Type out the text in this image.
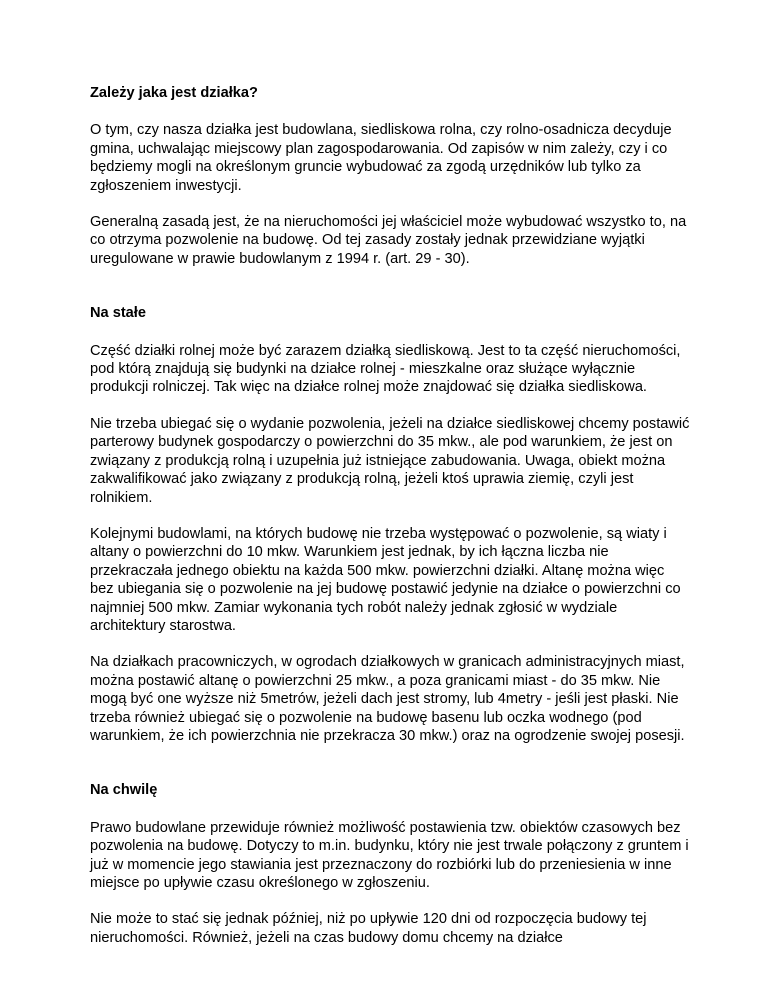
Zależy jaka jest działka?

O tym, czy nasza działka jest budowlana, siedliskowa rolna, czy rolno-osadnicza decyduje gmina, uchwalając miejscowy plan zagospodarowania. Od zapisów w nim zależy, czy i co będziemy mogli na określonym gruncie wybudować za zgodą urzędników lub tylko za zgłoszeniem inwestycji.

Generalną zasadą jest, że na nieruchomości jej właściciel może wybudować wszystko to, na co otrzyma pozwolenie na budowę. Od tej zasady zostały jednak przewidziane wyjątki uregulowane w prawie budowlanym z 1994 r. (art. 29 - 30).

Na stałe

Część działki rolnej może być zarazem działką siedliskową. Jest to ta część nieruchomości, pod którą znajdują się budynki na działce rolnej - mieszkalne oraz służące wyłącznie produkcji rolniczej. Tak więc na działce rolnej może znajdować się działka siedliskowa.

Nie trzeba ubiegać się o wydanie pozwolenia, jeżeli na działce siedliskowej chcemy postawić parterowy budynek gospodarczy o powierzchni do 35 mkw., ale pod warunkiem, że jest on związany z produkcją rolną i uzupełnia już istniejące zabudowania. Uwaga, obiekt można zakwalifikować jako związany z produkcją rolną, jeżeli ktoś uprawia ziemię, czyli jest rolnikiem.

Kolejnymi budowlami, na których budowę nie trzeba występować o pozwolenie, są wiaty i altany o powierzchni do 10 mkw. Warunkiem jest jednak, by ich łączna liczba nie przekraczała jednego obiektu na każda 500 mkw. powierzchni działki. Altanę można więc bez ubiegania się o pozwolenie na jej budowę postawić jedynie na działce o powierzchni co najmniej 500 mkw. Zamiar wykonania tych robót należy jednak zgłosić w wydziale architektury starostwa.

Na działkach pracowniczych, w ogrodach działkowych w granicach administracyjnych miast, można postawić altanę o powierzchni 25 mkw., a poza granicami miast - do 35 mkw. Nie mogą być one wyższe niż 5metrów, jeżeli dach jest stromy, lub 4metry - jeśli jest płaski. Nie trzeba również ubiegać się o pozwolenie na budowę basenu lub oczka wodnego (pod warunkiem, że ich powierzchnia nie przekracza 30 mkw.) oraz na ogrodzenie swojej posesji.

Na chwilę

Prawo budowlane przewiduje również możliwość postawienia tzw. obiektów czasowych bez pozwolenia na budowę. Dotyczy to m.in. budynku, który nie jest trwale połączony z gruntem i już w momencie jego stawiania jest przeznaczony do rozbiórki lub do przeniesienia w inne miejsce po upływie czasu określonego w zgłoszeniu.

Nie może to stać się jednak później, niż po upływie 120 dni od rozpoczęcia budowy tej nieruchomości. Również, jeżeli na czas budowy domu chcemy na działce
